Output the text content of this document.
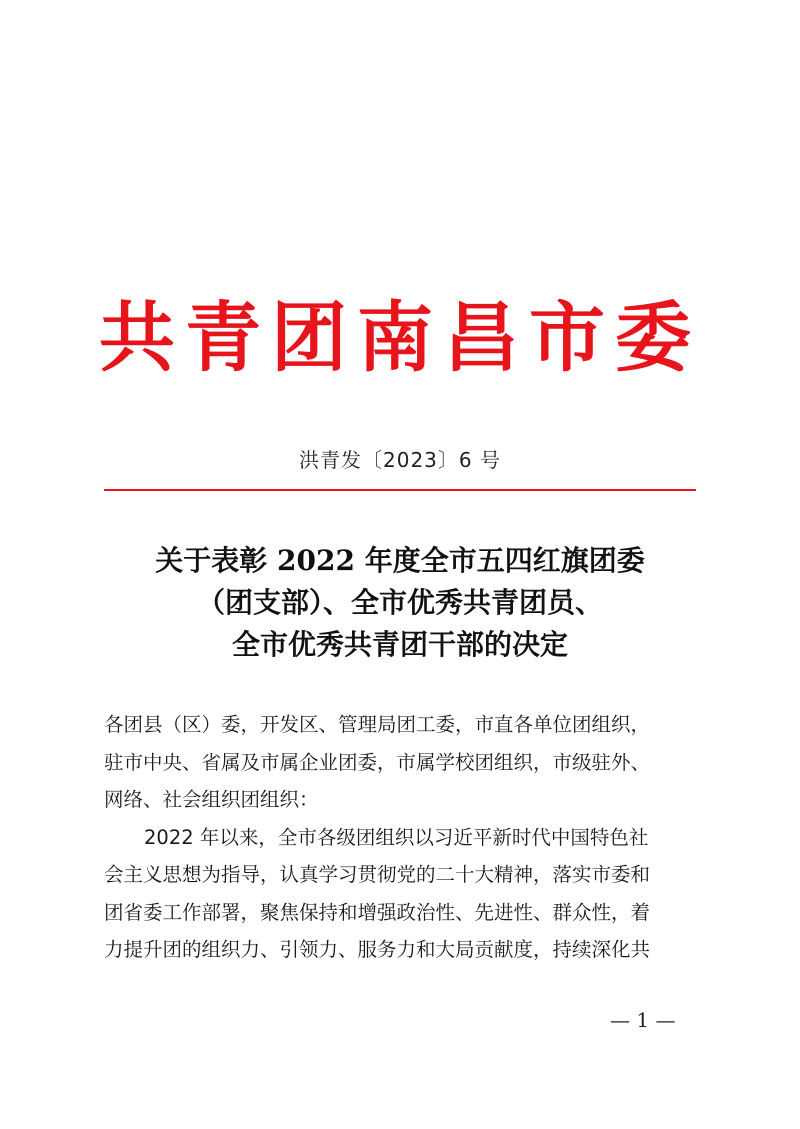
共青团南昌市委
洪青发〔2023〕6 号
关于表彰 2022 年度全市五四红旗团委
（团支部）、全市优秀共青团员、
全市优秀共青团干部的决定
各团县（区）委，开发区、管理局团工委，市直各单位团组织，
驻市中央、省属及市属企业团委，市属学校团组织，市级驻外、
网络、社会组织团组织：
2022 年以来，全市各级团组织以习近平新时代中国特色社
会主义思想为指导，认真学习贯彻党的二十大精神，落实市委和
团省委工作部署，聚焦保持和增强政治性、先进性、群众性，着
力提升团的组织力、引领力、服务力和大局贡献度，持续深化共
— 1 —
